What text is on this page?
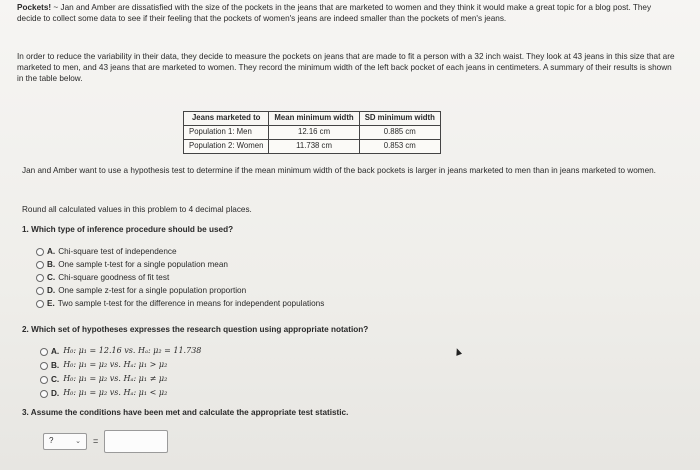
Pockets! ~ Jan and Amber are dissatisfied with the size of the pockets in the jeans that are marketed to women and they think it would make a great topic for a blog post. They decide to collect some data to see if their feeling that the pockets of women's jeans are indeed smaller than the pockets of men's jeans.
In order to reduce the variability in their data, they decide to measure the pockets on jeans that are made to fit a person with a 32 inch waist. They look at 43 jeans in this size that are marketed to men, and 43 jeans that are marketed to women. They record the minimum width of the left back pocket of each jeans in centimeters. A summary of their results is shown in the table below.
Jeans marketed to	Mean minimum width	SD minimum width
Population 1: Men	12.16 cm	0.885 cm
Population 2: Women	11.738 cm	0.853 cm
Jan and Amber want to use a hypothesis test to determine if the mean minimum width of the back pockets is larger in jeans marketed to men than in jeans marketed to women.
Round all calculated values in this problem to 4 decimal places.
1. Which type of inference procedure should be used?
A. Chi-square test of independence
B. One sample t-test for a single population mean
C. Chi-square goodness of fit test
D. One sample z-test for a single population proportion
E. Two sample t-test for the difference in means for independent populations
2. Which set of hypotheses expresses the research question using appropriate notation?
A. H₀: μ₁ = 12.16 vs. Hₐ: μ₂ = 11.738
B. H₀: μ₁ = μ₂ vs. Hₐ: μ₁ > μ₂
C. H₀: μ₁ = μ₂ vs. Hₐ: μ₁ ≠ μ₂
D. H₀: μ₁ = μ₂ vs. Hₐ: μ₁ < μ₂
3. Assume the conditions have been met and calculate the appropriate test statistic.
?	⌄ =
